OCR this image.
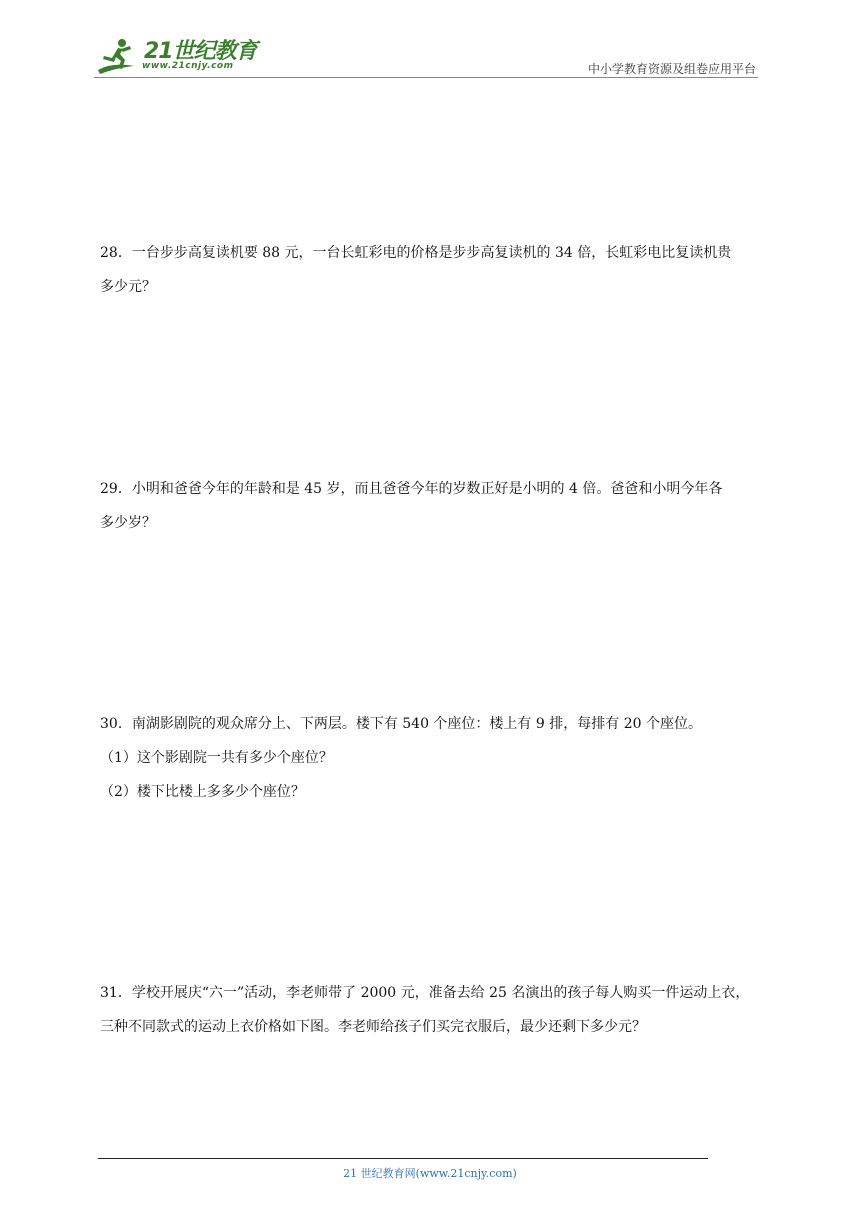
21世纪教育
www.21cnjy.com	中小学教育资源及组卷应用平台

28．一台步步高复读机要 88 元，一台长虹彩电的价格是步步高复读机的 34 倍，长虹彩电比复读机贵

多少元？

29．小明和爸爸今年的年龄和是 45 岁，而且爸爸今年的岁数正好是小明的 4 倍。爸爸和小明今年各

多少岁？

30．南湖影剧院的观众席分上、下两层。楼下有 540 个座位：楼上有 9 排，每排有 20 个座位。

（1）这个影剧院一共有多少个座位？

（2）楼下比楼上多多少个座位？

31．学校开展庆“六一”活动，李老师带了 2000 元，准备去给 25 名演出的孩子每人购买一件运动上衣，

三种不同款式的运动上衣价格如下图。李老师给孩子们买完衣服后，最少还剩下多少元？

21 世纪教育网(www.21cnjy.com)
